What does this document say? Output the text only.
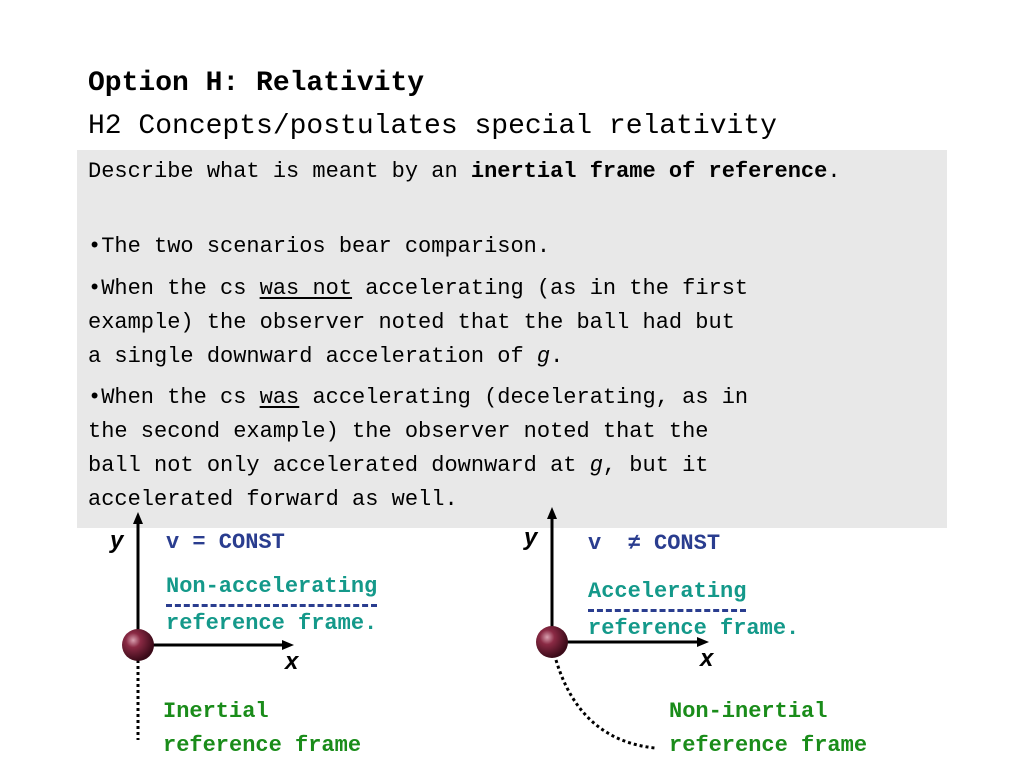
Option H: Relativity
H2 Concepts/postulates special relativity
Describe what is meant by an inertial frame of reference.
•The two scenarios bear comparison.
•When the cs was not accelerating (as in the first
example) the observer noted that the ball had but
a single downward acceleration of g.
•When the cs was accelerating (decelerating, as in
the second example) the observer noted that the
ball not only accelerated downward at g, but it
accelerated forward as well.
y
x
v = CONST
Non-accelerating
reference frame.
Inertial
reference frame
y
x
v  ≠ CONST
Accelerating
reference frame.
Non-inertial
reference frame
